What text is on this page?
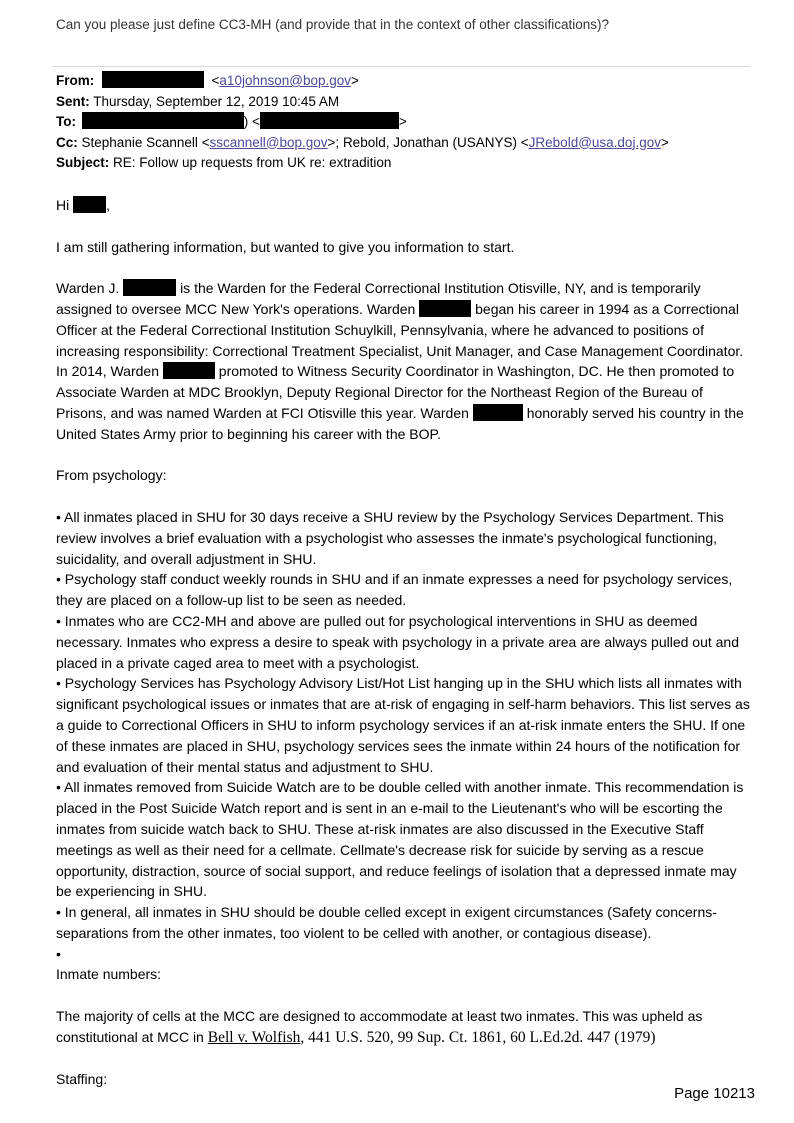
Can you please just define CC3-MH (and provide that in the context of other classifications)?
From:	<a10johnson@bop.gov>
Sent: Thursday, September 12, 2019 10:45 AM
To:	) <	>
Cc: Stephanie Scannell <sscannell@bop.gov>; Rebold, Jonathan (USANYS) <JRebold@usa.doj.gov>
Subject: RE: Follow up requests from UK re: extradition

Hi	,

I am still gathering information, but wanted to give you information to start.

Warden J.	is the Warden for the Federal Correctional Institution Otisville, NY, and is temporarily assigned to oversee MCC New York's operations. Warden	began his career in 1994 as a Correctional Officer at the Federal Correctional Institution Schuylkill, Pennsylvania, where he advanced to positions of increasing responsibility: Correctional Treatment Specialist, Unit Manager, and Case Management Coordinator. In 2014, Warden	promoted to Witness Security Coordinator in Washington, DC. He then promoted to Associate Warden at MDC Brooklyn, Deputy Regional Director for the Northeast Region of the Bureau of Prisons, and was named Warden at FCI Otisville this year. Warden	honorably served his country in the United States Army prior to beginning his career with the BOP.

From psychology:

• All inmates placed in SHU for 30 days receive a SHU review by the Psychology Services Department. This review involves a brief evaluation with a psychologist who assesses the inmate's psychological functioning, suicidality, and overall adjustment in SHU.

• Psychology staff conduct weekly rounds in SHU and if an inmate expresses a need for psychology services, they are placed on a follow-up list to be seen as needed.

• Inmates who are CC2-MH and above are pulled out for psychological interventions in SHU as deemed necessary. Inmates who express a desire to speak with psychology in a private area are always pulled out and placed in a private caged area to meet with a psychologist.

• Psychology Services has Psychology Advisory List/Hot List hanging up in the SHU which lists all inmates with significant psychological issues or inmates that are at-risk of engaging in self-harm behaviors. This list serves as a guide to Correctional Officers in SHU to inform psychology services if an at-risk inmate enters the SHU. If one of these inmates are placed in SHU, psychology services sees the inmate within 24 hours of the notification for and evaluation of their mental status and adjustment to SHU.

• All inmates removed from Suicide Watch are to be double celled with another inmate. This recommendation is placed in the Post Suicide Watch report and is sent in an e-mail to the Lieutenant's who will be escorting the inmates from suicide watch back to SHU. These at-risk inmates are also discussed in the Executive Staff meetings as well as their need for a cellmate. Cellmate's decrease risk for suicide by serving as a rescue opportunity, distraction, source of social support, and reduce feelings of isolation that a depressed inmate may be experiencing in SHU.

• In general, all inmates in SHU should be double celled except in exigent circumstances (Safety concerns-separations from the other inmates, too violent to be celled with another, or contagious disease).

•

Inmate numbers:

The majority of cells at the MCC are designed to accommodate at least two inmates. This was upheld as constitutional at MCC in Bell v. Wolfish, 441 U.S. 520, 99 Sup. Ct. 1861, 60 L.Ed.2d. 447 (1979)

Staffing:

Page 10213
